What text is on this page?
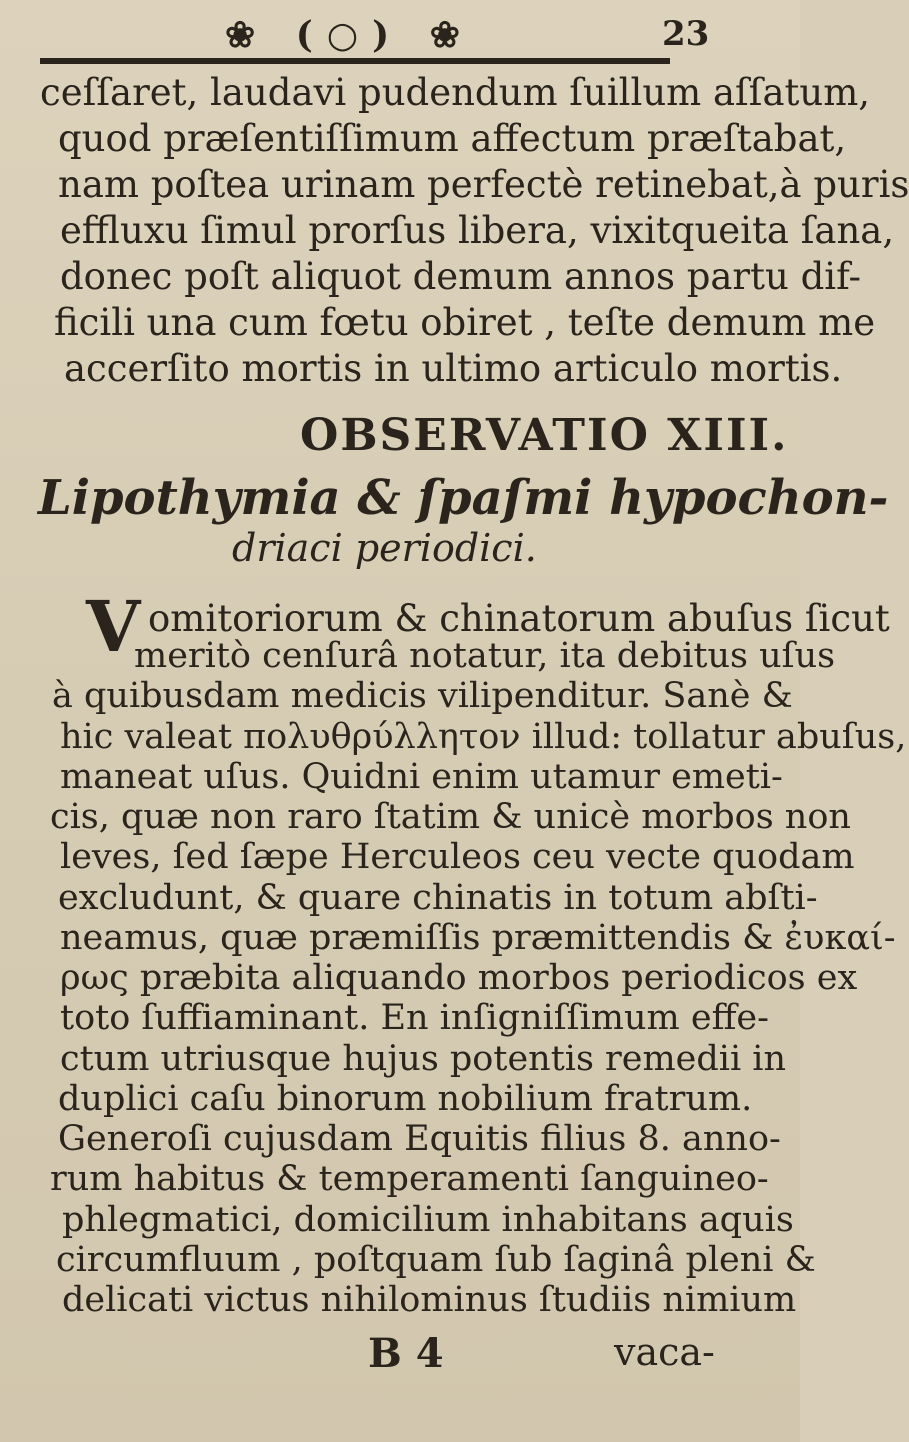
❀ (○) ❀	23
ceſſaret, laudavi pudendum ſuillum aſſatum,
quod præſentiſſimum affectum præſtabat,
nam poſtea urinam perfectè retinebat,à puris
effluxu ſimul prorſus libera, vixitqueita ſana,
donec poſt aliquot demum annos partu dif-
ficili una cum fœtu obiret , teſte demum me
accerſito mortis in ultimo articulo mortis.
OBSERVATIO XIII.
Lipothymia & ſpaſmi hypochon-
driaci periodici.
V omitoriorum & chinatorum abuſus ſicut
meritò cenſurâ notatur, ita debitus uſus
à quibusdam medicis vilipenditur. Sanè &
hic valeat πολυθρύλλητον illud: tollatur abuſus,
maneat uſus. Quidni enim utamur emeti-
cis, quæ non raro ſtatim & unicè morbos non
leves, ſed ſæpe Herculeos ceu vecte quodam
excludunt, & quare chinatis in totum abſti-
neamus, quæ præmiſſis præmittendis & ἐυκαί-
ρως præbita aliquando morbos periodicos ex
toto ſuffiaminant. En inſigniſſimum effe-
ctum utriusque hujus potentis remedii in
duplici caſu binorum nobilium fratrum.
Generoſi cujusdam Equitis filius 8. anno-
rum habitus & temperamenti ſanguineo-
phlegmatici, domicilium inhabitans aquis
circumfluum , poſtquam ſub ſaginâ pleni &
delicati victus nihilominus ſtudiis nimium
B 4	vaca-
